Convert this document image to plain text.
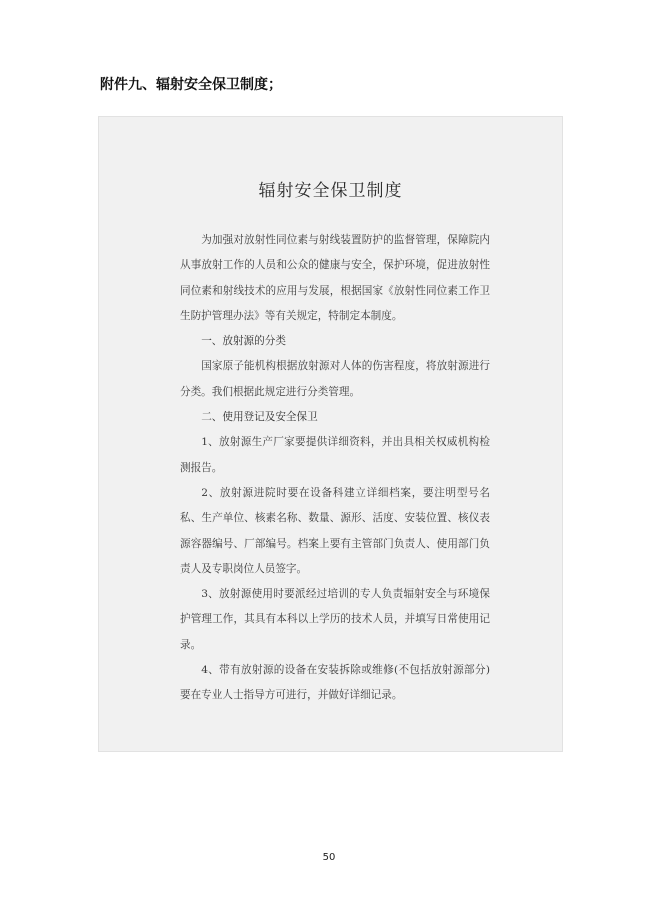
附件九、辐射安全保卫制度；
辐射安全保卫制度

为加强对放射性同位素与射线装置防护的监督管理，保障院内从事放射工作的人员和公众的健康与安全，保护环境，促进放射性同位素和射线技术的应用与发展，根据国家《放射性同位素工作卫生防护管理办法》等有关规定，特制定本制度。

一、放射源的分类

国家原子能机构根据放射源对人体的伤害程度，将放射源进行分类。我们根据此规定进行分类管理。

二、使用登记及安全保卫

1、放射源生产厂家要提供详细资料，并出具相关权威机构检测报告。

2、放射源进院时要在设备科建立详细档案，要注明型号名私、生产单位、核素名称、数量、源形、活度、安装位置、核仪表源容器编号、厂部编号。档案上要有主管部门负责人、使用部门负责人及专职岗位人员签字。

3、放射源使用时要派经过培训的专人负责辐射安全与环境保护管理工作，其具有本科以上学历的技术人员，并填写日常使用记录。

4、带有放射源的设备在安装拆除或维修(不包括放射源部分)要在专业人士指导方可进行，并做好详细记录。

50
